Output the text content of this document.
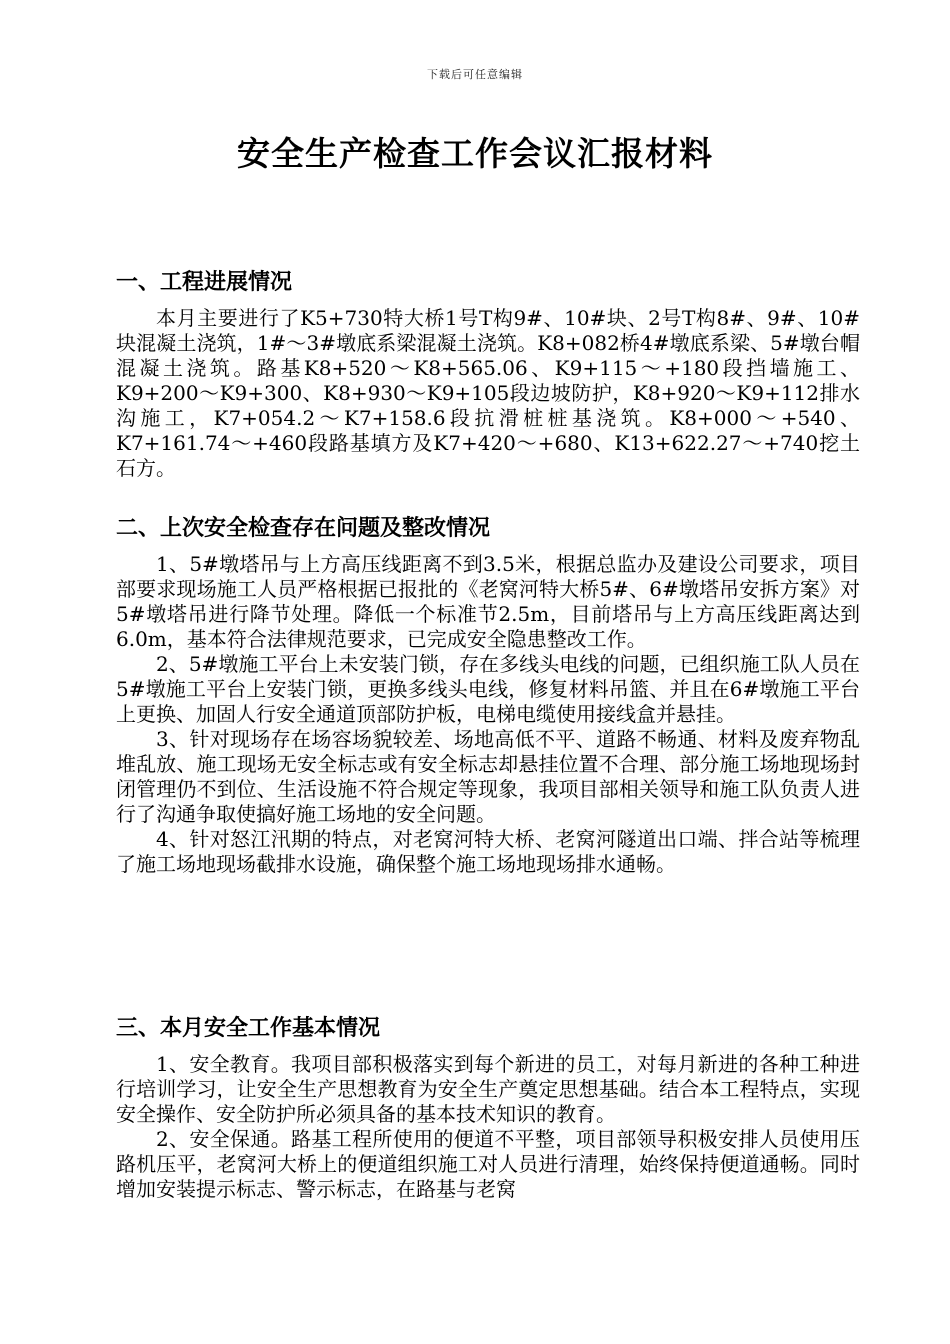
下载后可任意编辑
安全生产检查工作会议汇报材料
一、工程进展情况

本月主要进行了K5+730特大桥1号T构9#、10#块、2号T构8#、9#、10#块混凝土浇筑，1#～3#墩底系梁混凝土浇筑。K8+082桥4#墩底系梁、5#墩台帽混凝土浇筑。路基K8+520～K8+565.06、K9+115～+180段挡墙施工、K9+200～K9+300、K8+930～K9+105段边坡防护，K8+920～K9+112排水沟施工，K7+054.2～K7+158.6段抗滑桩桩基浇筑。K8+000～+540、K7+161.74～+460段路基填方及K7+420～+680、K13+622.27～+740挖土石方。

二、上次安全检查存在问题及整改情况

1、5#墩塔吊与上方高压线距离不到3.5米，根据总监办及建设公司要求，项目部要求现场施工人员严格根据已报批的《老窝河特大桥5#、6#墩塔吊安拆方案》对5#墩塔吊进行降节处理。降低一个标准节2.5m，目前塔吊与上方高压线距离达到6.0m，基本符合法律规范要求，已完成安全隐患整改工作。

2、5#墩施工平台上未安装门锁，存在多线头电线的问题，已组织施工队人员在5#墩施工平台上安装门锁，更换多线头电线，修复材料吊篮、并且在6#墩施工平台上更换、加固人行安全通道顶部防护板，电梯电缆使用接线盒并悬挂。

3、针对现场存在场容场貌较差、场地高低不平、道路不畅通、材料及废弃物乱堆乱放、施工现场无安全标志或有安全标志却悬挂位置不合理、部分施工场地现场封闭管理仍不到位、生活设施不符合规定等现象，我项目部相关领导和施工队负责人进行了沟通争取使搞好施工场地的安全问题。

4、针对怒江汛期的特点，对老窝河特大桥、老窝河隧道出口端、拌合站等梳理了施工场地现场截排水设施，确保整个施工场地现场排水通畅。

三、本月安全工作基本情况

1、安全教育。我项目部积极落实到每个新进的员工，对每月新进的各种工种进行培训学习，让安全生产思想教育为安全生产奠定思想基础。结合本工程特点，实现安全操作、安全防护所必须具备的基本技术知识的教育。

2、安全保通。路基工程所使用的便道不平整，项目部领导积极安排人员使用压路机压平，老窝河大桥上的便道组织施工对人员进行清理，始终保持便道通畅。同时增加安装提示标志、警示标志，在路基与老窝
